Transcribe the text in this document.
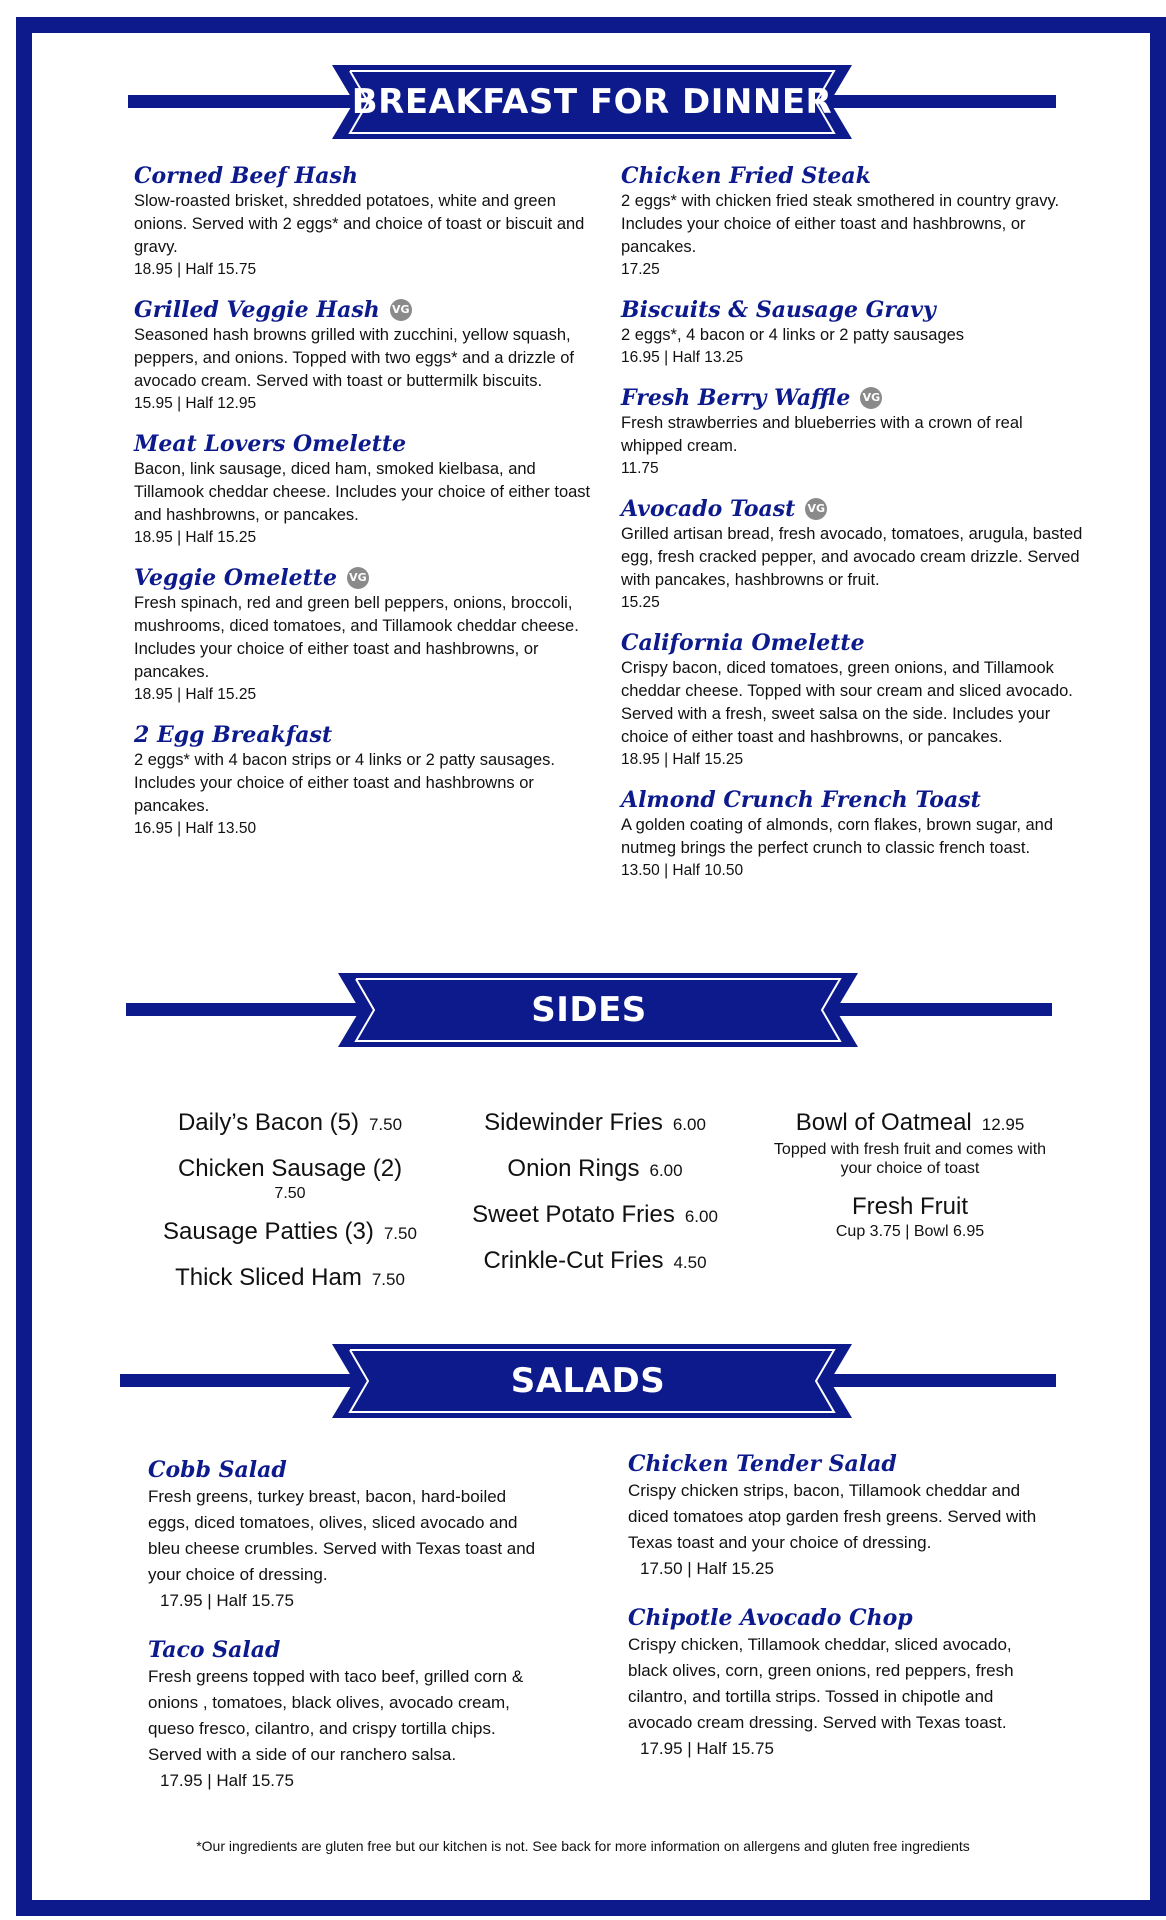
BREAKFAST FOR DINNER
Corned Beef Hash
Slow-roasted brisket, shredded potatoes, white and green onions. Served with 2 eggs* and choice of toast or biscuit and gravy.
18.95 | Half 15.75
Grilled Veggie Hash VG
Seasoned hash browns grilled with zucchini, yellow squash, peppers, and onions. Topped with two eggs* and a drizzle of avocado cream. Served with toast or buttermilk biscuits.
15.95 | Half 12.95
Meat Lovers Omelette
Bacon, link sausage, diced ham, smoked kielbasa, and Tillamook cheddar cheese. Includes your choice of either toast and hashbrowns, or pancakes.
18.95 | Half 15.25
Veggie Omelette VG
Fresh spinach, red and green bell peppers, onions, broccoli, mushrooms, diced tomatoes, and Tillamook cheddar cheese. Includes your choice of either toast and hashbrowns, or pancakes.
18.95 | Half 15.25
2 Egg Breakfast
2 eggs* with 4 bacon strips or 4 links or 2 patty sausages. Includes your choice of either toast and hashbrowns or pancakes.
16.95 | Half 13.50
Chicken Fried Steak
2 eggs* with chicken fried steak smothered in country gravy. Includes your choice of either toast and hashbrowns, or pancakes.
17.25
Biscuits & Sausage Gravy
2 eggs*, 4 bacon or 4 links or 2 patty sausages
16.95 | Half 13.25
Fresh Berry Waffle VG
Fresh strawberries and blueberries with a crown of real whipped cream.
11.75
Avocado Toast VG
Grilled artisan bread, fresh avocado, tomatoes, arugula, basted egg, fresh cracked pepper, and avocado cream drizzle. Served with pancakes, hashbrowns or fruit.
15.25
California Omelette
Crispy bacon, diced tomatoes, green onions, and Tillamook cheddar cheese. Topped with sour cream and sliced avocado. Served with a fresh, sweet salsa on the side. Includes your choice of either toast and hashbrowns, or pancakes.
18.95 | Half 15.25
Almond Crunch French Toast
A golden coating of almonds, corn flakes, brown sugar, and nutmeg brings the perfect crunch to classic french toast.
13.50 | Half 10.50
SIDES
Daily’s Bacon (5) 7.50
Chicken Sausage (2)
7.50
Sausage Patties (3) 7.50
Thick Sliced Ham 7.50
Sidewinder Fries 6.00
Onion Rings 6.00
Sweet Potato Fries 6.00
Crinkle-Cut Fries 4.50
Bowl of Oatmeal 12.95
Topped with fresh fruit and comes with your choice of toast
Fresh Fruit
Cup 3.75 | Bowl 6.95
SALADS
Cobb Salad
Fresh greens, turkey breast, bacon, hard-boiled eggs, diced tomatoes, olives, sliced avocado and bleu cheese crumbles. Served with Texas toast and your choice of dressing.
17.95 | Half 15.75
Taco Salad
Fresh greens topped with taco beef, grilled corn & onions , tomatoes, black olives, avocado cream, queso fresco, cilantro, and crispy tortilla chips. Served with a side of our ranchero salsa.
17.95 | Half 15.75
Chicken Tender Salad
Crispy chicken strips, bacon, Tillamook cheddar and diced tomatoes atop garden fresh greens. Served with Texas toast and your choice of dressing.
17.50 | Half 15.25
Chipotle Avocado Chop
Crispy chicken, Tillamook cheddar, sliced avocado, black olives, corn, green onions, red peppers, fresh cilantro, and tortilla strips. Tossed in chipotle and avocado cream dressing. Served with Texas toast.
17.95 | Half 15.75
*Our ingredients are gluten free but our kitchen is not. See back for more information on allergens and gluten free ingredients
